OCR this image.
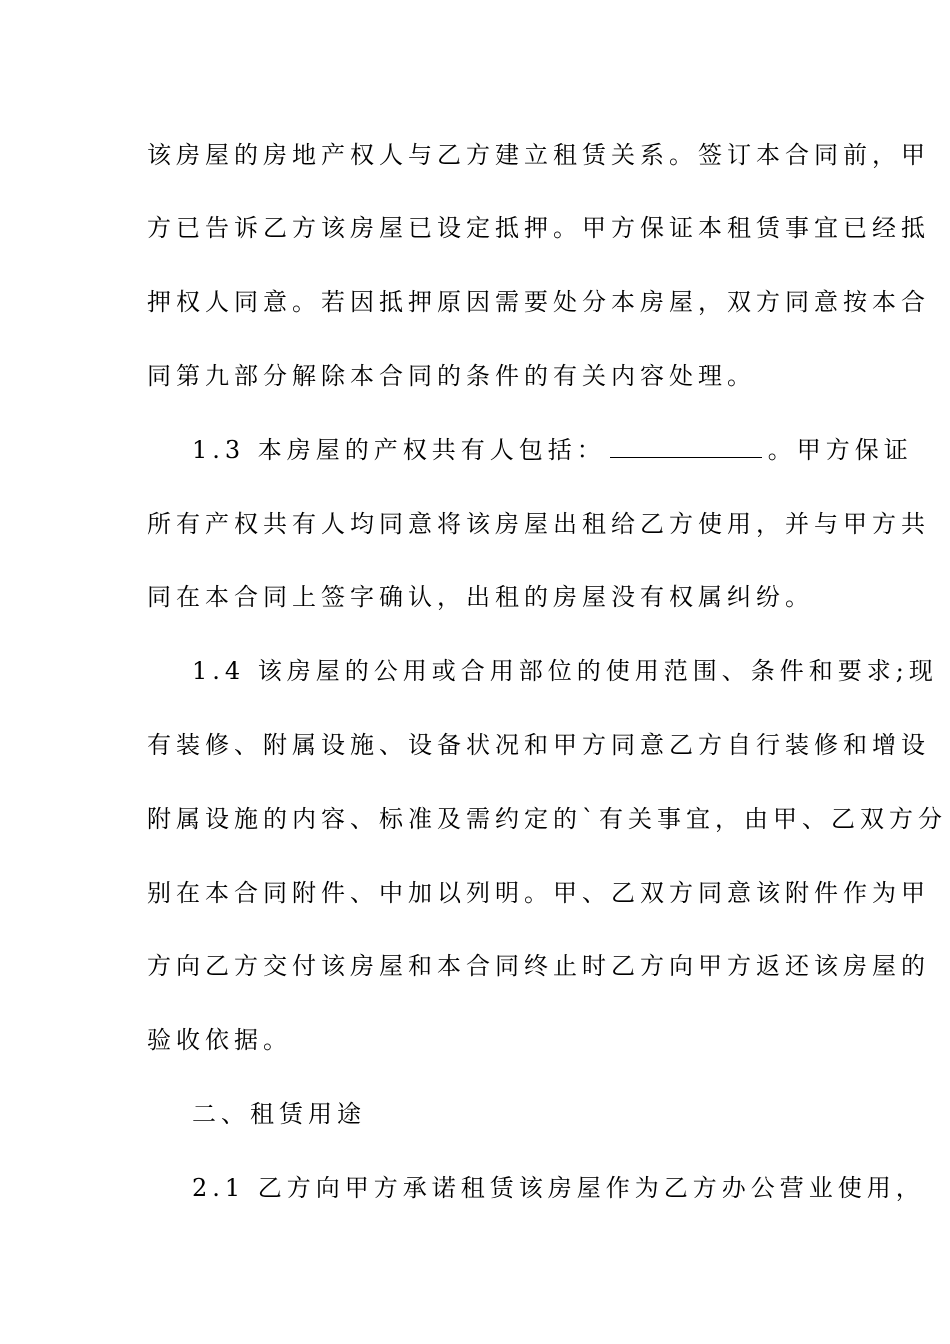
该房屋的房地产权人与乙方建立租赁关系。签订本合同前，甲
方已告诉乙方该房屋已设定抵押。甲方保证本租赁事宜已经抵
押权人同意。若因抵押原因需要处分本房屋，双方同意按本合
同第九部分解除本合同的条件的有关内容处理。
1.3 本房屋的产权共有人包括：	。甲方保证
所有产权共有人均同意将该房屋出租给乙方使用，并与甲方共
同在本合同上签字确认，出租的房屋没有权属纠纷。
1.4 该房屋的公用或合用部位的使用范围、条件和要求;现
有装修、附属设施、设备状况和甲方同意乙方自行装修和增设
附属设施的内容、标准及需约定的`有关事宜，由甲、乙双方分
别在本合同附件、中加以列明。甲、乙双方同意该附件作为甲
方向乙方交付该房屋和本合同终止时乙方向甲方返还该房屋的
验收依据。
二、租赁用途
2.1 乙方向甲方承诺租赁该房屋作为乙方办公营业使用，
